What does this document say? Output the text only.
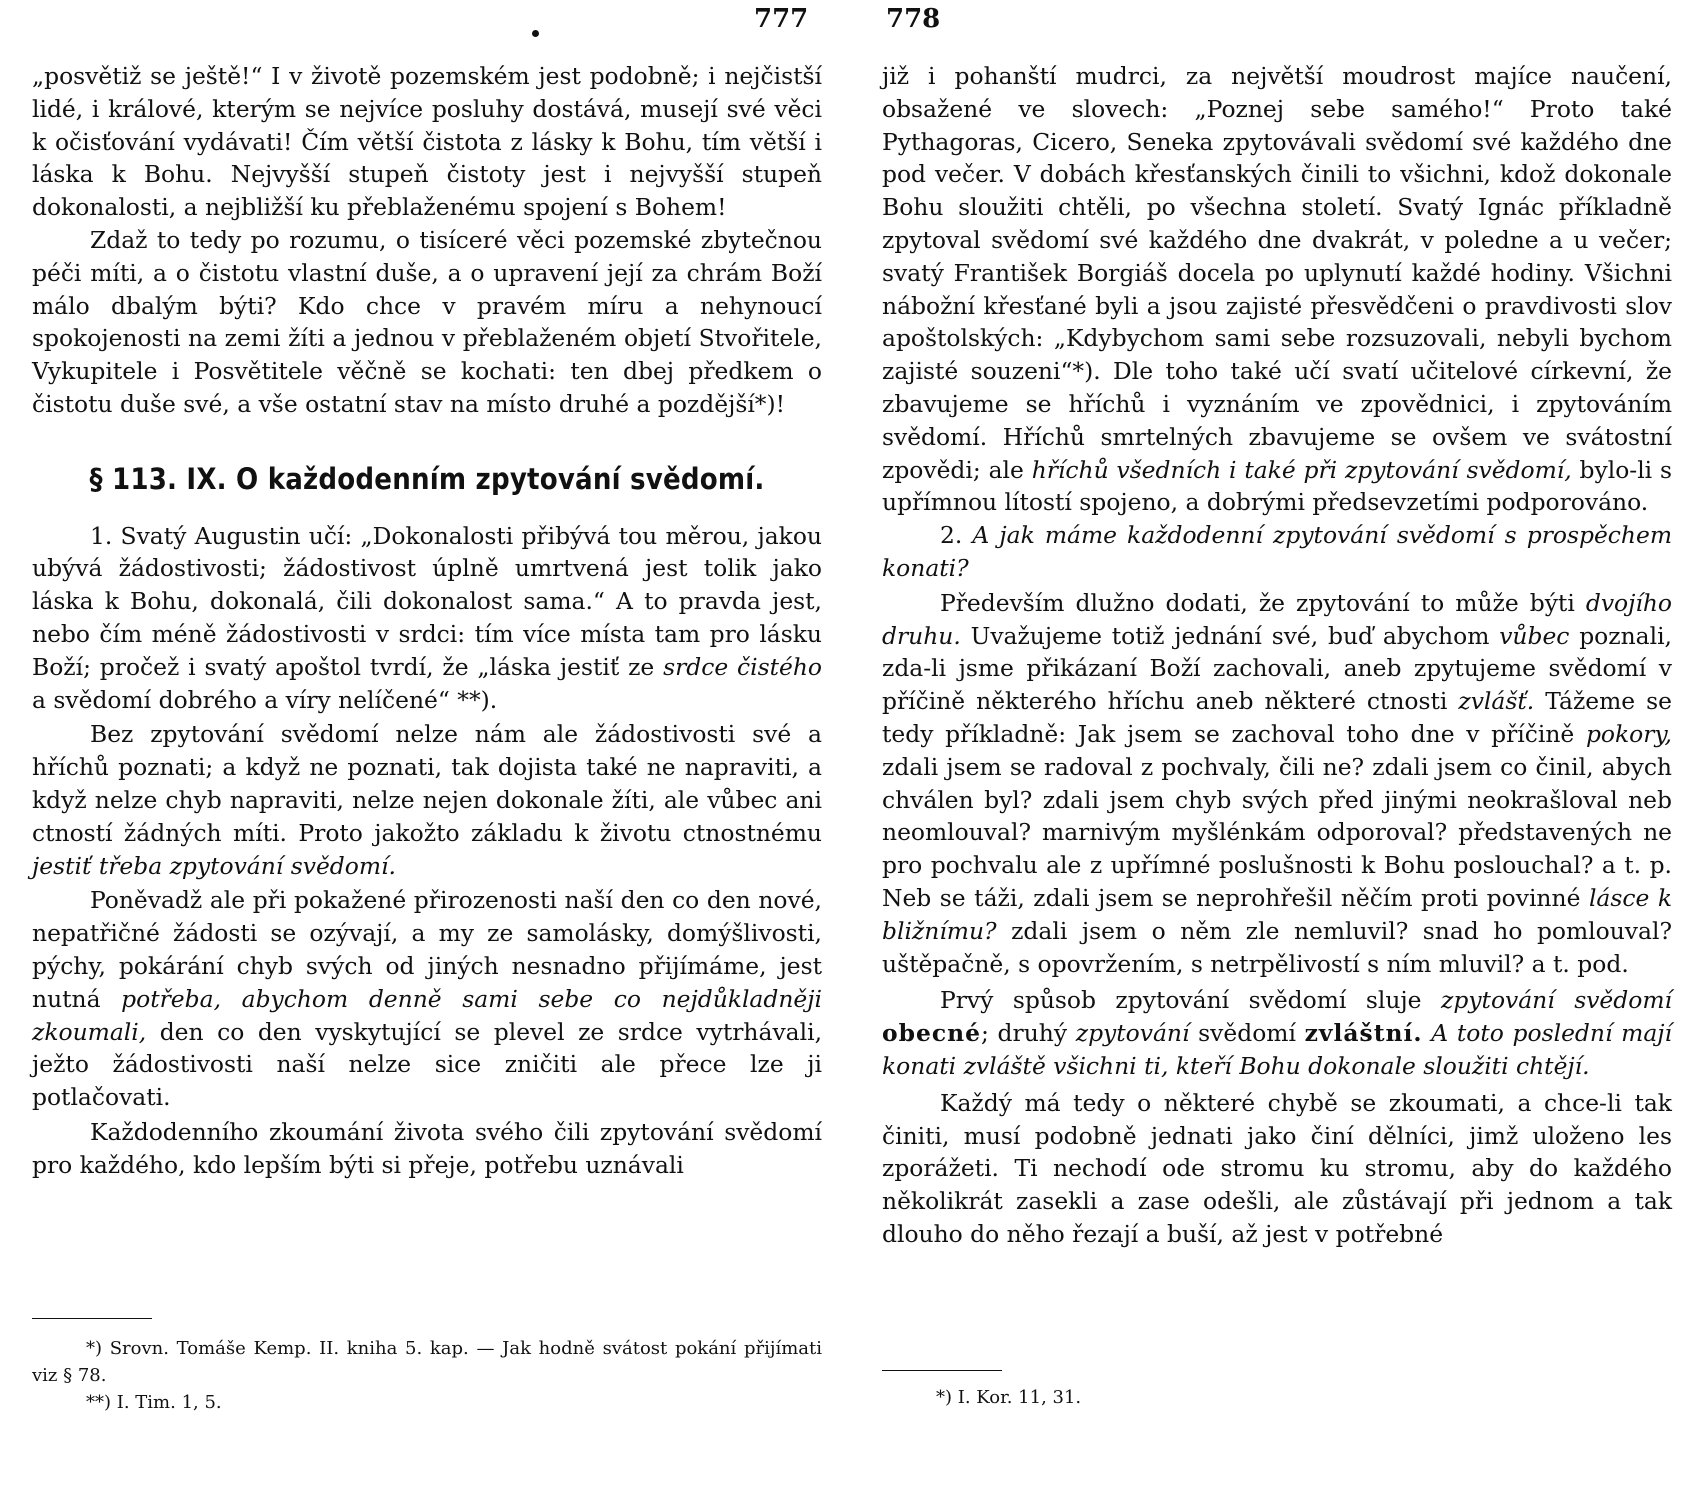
777

„posvětiž se ještě!“ I v životě pozemském jest podobně; i nejčistší lidé, i králové, kterým se nejvíce posluhy dostává, musejí své věci k očisťování vydávati! Čím větší čistota z lásky k Bohu, tím větší i láska k Bohu. Nejvyšší stupeň čistoty jest i nejvyšší stupeň dokonalosti, a nejbližší ku přeblaženému spojení s Bohem!

Zdaž to tedy po rozumu, o tisíceré věci pozemské zbytečnou péči míti, a o čistotu vlastní duše, a o upravení její za chrám Boží málo dbalým býti? Kdo chce v pravém míru a nehynoucí spokojenosti na zemi žíti a jednou v přeblaženém objetí Stvořitele, Vykupitele i Posvětitele věčně se kochati: ten dbej předkem o čistotu duše své, a vše ostatní stav na místo druhé a pozdější*)!

§ 113. IX. O každodenním zpytování svědomí.

1. Svatý Augustin učí: „Dokonalosti přibývá tou měrou, jakou ubývá žádostivosti; žádostivost úplně umrtvená jest tolik jako láska k Bohu, dokonalá, čili dokonalost sama.“ A to pravda jest, nebo čím méně žádostivosti v srdci: tím více místa tam pro lásku Boží; pročež i svatý apoštol tvrdí, že „láska jestiť ze srdce čistého a svědomí dobrého a víry nelíčené“ **).

Bez zpytování svědomí nelze nám ale žádostivosti své a hříchů poznati; a když ne poznati, tak dojista také ne napraviti, a když nelze chyb napraviti, nelze nejen dokonale žíti, ale vůbec ani ctností žádných míti. Proto jakožto základu k životu ctnostnému jestiť třeba zpytování svědomí.

Poněvadž ale při pokažené přirozenosti naší den co den nové, nepatřičné žádosti se ozývají, a my ze samolásky, domýšlivosti, pýchy, pokárání chyb svých od jiných nesnadno přijímáme, jest nutná potřeba, abychom denně sami sebe co nejdůkladněji zkoumali, den co den vyskytující se plevel ze srdce vytrhávali, ježto žádostivosti naší nelze sice zničiti ale přece lze ji potlačovati.

Každodenního zkoumání života svého čili zpytování svědomí pro každého, kdo lepším býti si přeje, potřebu uznávali

*) Srovn. Tomáše Kemp. II. kniha 5. kap. — Jak hodně svátost pokání přijímati viz § 78.

**) I. Tim. 1, 5.

778

již i pohanští mudrci, za největší moudrost majíce naučení, obsažené ve slovech: „Poznej sebe samého!“ Proto také Pythagoras, Cicero, Seneka zpytovávali svědomí své každého dne pod večer. V dobách křesťanských činili to všichni, kdož dokonale Bohu sloužiti chtěli, po všechna století. Svatý Ignác příkladně zpytoval svědomí své každého dne dvakrát, v poledne a u večer; svatý František Borgiáš docela po uplynutí každé hodiny. Všichni nábožní křesťané byli a jsou zajisté přesvědčeni o pravdivosti slov apoštolských: „Kdybychom sami sebe rozsuzovali, nebyli bychom zajisté souzeni“*). Dle toho také učí svatí učitelové církevní, že zbavujeme se hříchů i vyznáním ve zpovědnici, i zpytováním svědomí. Hříchů smrtelných zbavujeme se ovšem ve svátostní zpovědi; ale hříchů všedních i také při zpytování svědomí, bylo-li s upřímnou lítostí spojeno, a dobrými předsevzetími podporováno.

2. A jak máme každodenní zpytování svědomí s prospěchem konati?

Především dlužno dodati, že zpytování to může býti dvojího druhu. Uvažujeme totiž jednání své, buď abychom vůbec poznali, zda-li jsme přikázaní Boží zachovali, aneb zpytujeme svědomí v příčině některého hříchu aneb některé ctnosti zvlášť. Tážeme se tedy příkladně: Jak jsem se zachoval toho dne v příčině pokory, zdali jsem se radoval z pochvaly, čili ne? zdali jsem co činil, abych chválen byl? zdali jsem chyb svých před jinými neokrašloval neb neomlouval? marnivým myšlénkám odporoval? představených ne pro pochvalu ale z upřímné poslušnosti k Bohu poslouchal? a t. p. Neb se táži, zdali jsem se neprohřešil něčím proti povinné lásce k bližnímu? zdali jsem o něm zle nemluvil? snad ho pomlouval? uštěpačně, s opovržením, s netrpělivostí s ním mluvil? a t. pod.

Prvý spůsob zpytování svědomí sluje zpytování svědomí obecné; druhý zpytování svědomí zvláštní. A toto poslední mají konati zvláště všichni ti, kteří Bohu dokonale sloužiti chtějí.

Každý má tedy o některé chybě se zkoumati, a chce-li tak činiti, musí podobně jednati jako činí dělníci, jimž uloženo les zporážeti. Ti nechodí ode stromu ku stromu, aby do každého několikrát zasekli a zase odešli, ale zůstávají při jednom a tak dlouho do něho řezají a buší, až jest v potřebné

*) I. Kor. 11, 31.
